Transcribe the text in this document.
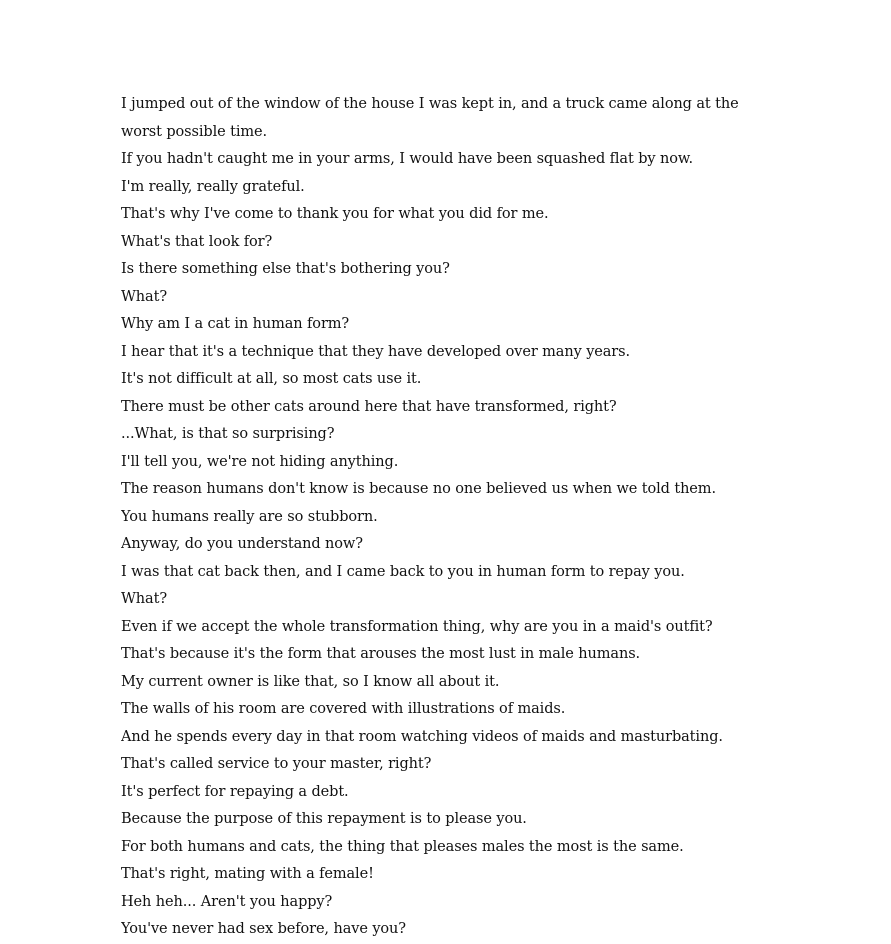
I jumped out of the window of the house I was kept in, and a truck came along at the
worst possible time.
If you hadn't caught me in your arms, I would have been squashed flat by now.
I'm really, really grateful.
That's why I've come to thank you for what you did for me.
What's that look for?
Is there something else that's bothering you?
What?
Why am I a cat in human form?
I hear that it's a technique that they have developed over many years.
It's not difficult at all, so most cats use it.
There must be other cats around here that have transformed, right?
...What, is that so surprising?
I'll tell you, we're not hiding anything.
The reason humans don't know is because no one believed us when we told them.
You humans really are so stubborn.
Anyway, do you understand now?
I was that cat back then, and I came back to you in human form to repay you.
What?
Even if we accept the whole transformation thing, why are you in a maid's outfit?
That's because it's the form that arouses the most lust in male humans.
My current owner is like that, so I know all about it.
The walls of his room are covered with illustrations of maids.
And he spends every day in that room watching videos of maids and masturbating.
That's called service to your master, right?
It's perfect for repaying a debt.
Because the purpose of this repayment is to please you.
For both humans and cats, the thing that pleases males the most is the same.
That's right, mating with a female!
Heh heh... Aren't you happy?
You've never had sex before, have you?
